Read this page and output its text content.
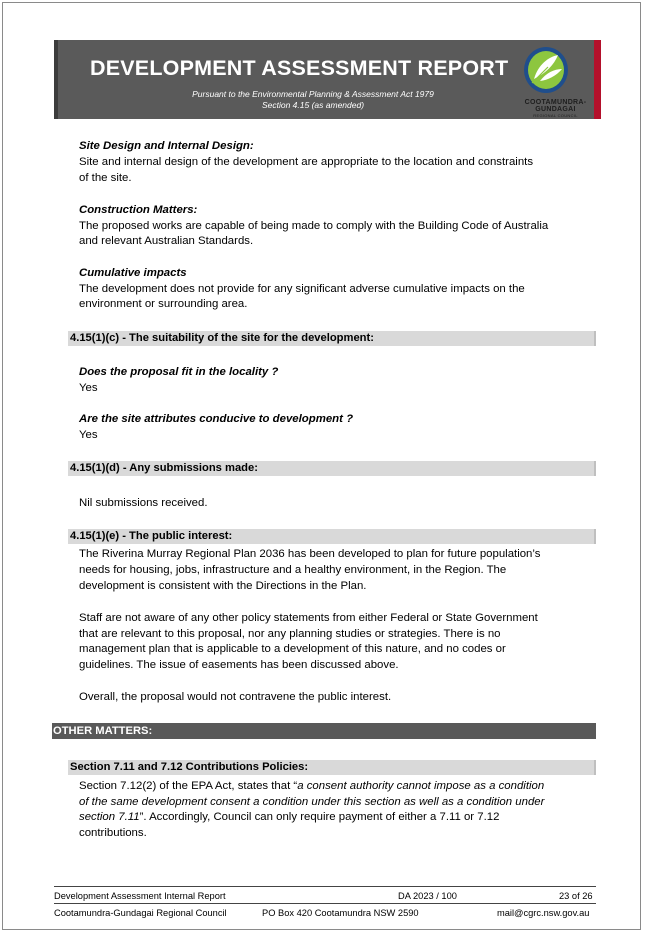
DEVELOPMENT ASSESSMENT REPORT
Pursuant to the Environmental Planning & Assessment Act 1979
Section 4.15 (as amended)	COOTAMUNDRA-
GUNDAGAI
REGIONAL COUNCIL
Site Design and Internal Design:
Site and internal design of the development are appropriate to the location and constraints
of the site.
Construction Matters:
The proposed works are capable of being made to comply with the Building Code of Australia
and relevant Australian Standards.
Cumulative impacts
The development does not provide for any significant adverse cumulative impacts on the
environment or surrounding area.
4.15(1)(c) - The suitability of the site for the development:
Does the proposal fit in the locality ?
Yes
Are the site attributes conducive to development ?
Yes
4.15(1)(d) - Any submissions made:
Nil submissions received.
4.15(1)(e) - The public interest:
The Riverina Murray Regional Plan 2036 has been developed to plan for future population’s
needs for housing, jobs, infrastructure and a healthy environment, in the Region. The
development is consistent with the Directions in the Plan.
Staff are not aware of any other policy statements from either Federal or State Government
that are relevant to this proposal, nor any planning studies or strategies. There is no
management plan that is applicable to a development of this nature, and no codes or
guidelines. The issue of easements has been discussed above.
Overall, the proposal would not contravene the public interest.
OTHER MATTERS:
Section 7.11 and 7.12 Contributions Policies:
Section 7.12(2) of the EPA Act, states that “a consent authority cannot impose as a condition
of the same development consent a condition under this section as well as a condition under
section 7.11”. Accordingly, Council can only require payment of either a 7.11 or 7.12
contributions.
Development Assessment Internal Report	DA 2023 / 100	23 of 26
Cootamundra-Gundagai Regional Council	PO Box 420 Cootamundra NSW 2590	mail@cgrc.nsw.gov.au
